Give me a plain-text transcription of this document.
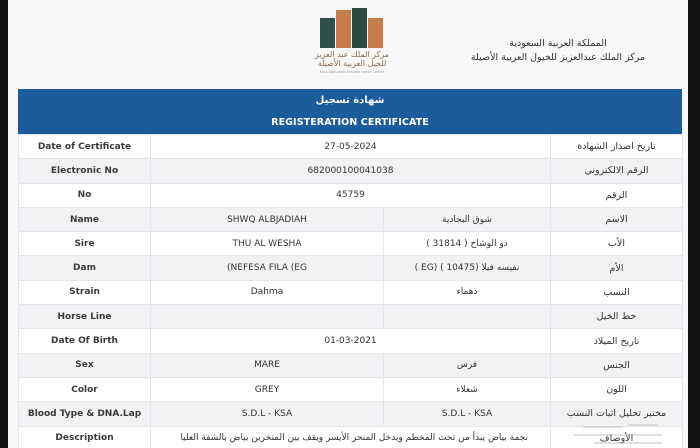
مركز الملك عبد العزيز
للخيل العربية الأصيلة
King Abdulaziz Arabian Horse Center
المملكة العربية السعودية
مركز الملك عبدالعزيز للخيول العربية الأصيلة
شهادة تسجيل
REGISTERATION CERTIFICATE
Date of Certificate	27-05-2024		تاريخ اصدار الشهادة
Electronic No	682000100041038		الرقم الالكتروني
No	45759		الرقم
Name	SHWQ ALBJADIAH	شوق البجادية	الاسم
Sire	THU AL WESHA	ذو الوشاح ( 31814 )	الأب
Dam	(NEFESA FILA (EG	نفيسه فيلا (10475 ) (EG )	الأم
Strain	Dahma	دهماء	النسب
Horse Line			خط الخيل
Date Of Birth	01-03-2021		تاريخ الميلاد
Sex	MARE	فرس	الجنس
Color	GREY	شعلاء	اللون
Blood Type & DNA.Lap	S.D.L - KSA	S.D.L - KSA	مختبر تحليل اثبات النسب
Description	نجمة بياض يبدأ من تحت المخطم ويدخل المنحر الأيسر ويقف بين المنخرين بياض بالشفة العليا		الأوصاف
